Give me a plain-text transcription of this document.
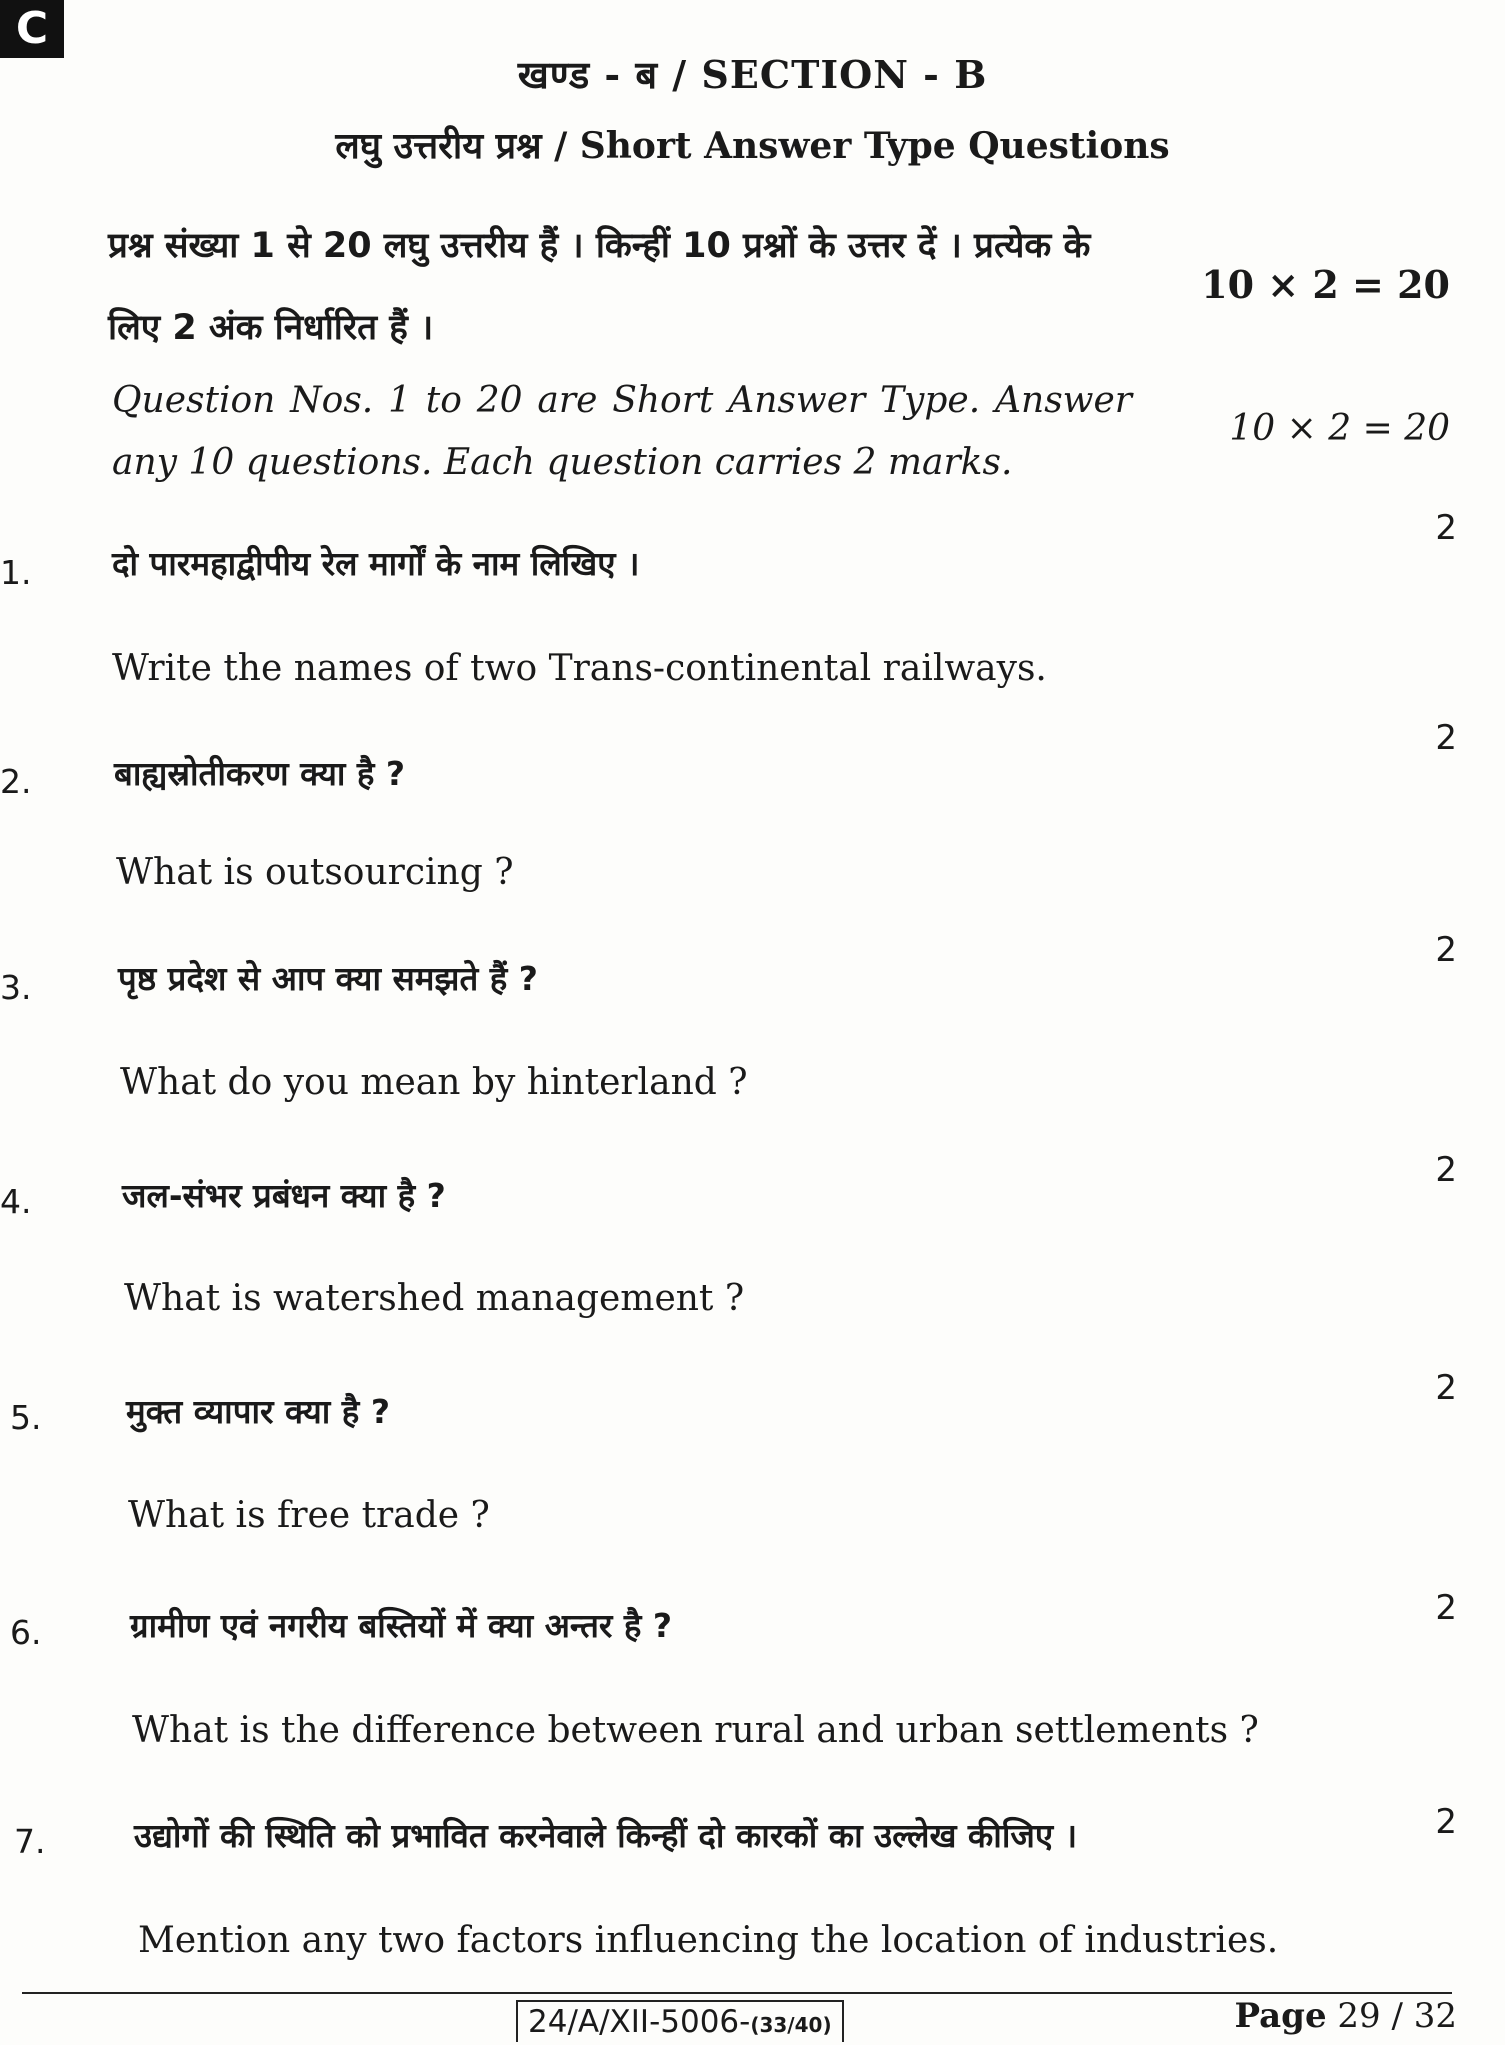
C
खण्ड - ब / SECTION - B
लघु उत्तरीय प्रश्न / Short Answer Type Questions
प्रश्न संख्या 1 से 20 लघु उत्तरीय हैं । किन्हीं 10 प्रश्नों के उत्तर दें । प्रत्येक के लिए 2 अंक निर्धारित हैं ।
10 × 2 = 20
Question Nos. 1 to 20 are Short Answer Type. Answer any 10 questions. Each question carries 2 marks.
10 × 2 = 20
1.
2
दो पारमहाद्वीपीय रेल मार्गों के नाम लिखिए ।
Write the names of two Trans-continental railways.
2.
2
बाह्यस्रोतीकरण क्या है ?
What is outsourcing ?
3.
2
पृष्ठ प्रदेश से आप क्या समझते हैं ?
What do you mean by hinterland ?
4.
2
जल-संभर प्रबंधन क्या है ?
What is watershed management ?
5.
2
मुक्त व्यापार क्या है ?
What is free trade ?
6.
2
ग्रामीण एवं नगरीय बस्तियों में क्या अन्तर है ?
What is the difference between rural and urban settlements ?
7.	2
उद्योगों की स्थिति को प्रभावित करनेवाले किन्हीं दो कारकों का उल्लेख कीजिए ।
Mention any two factors influencing the location of industries.
24/A/XII-5006-(33/40)	Page 29 / 32
